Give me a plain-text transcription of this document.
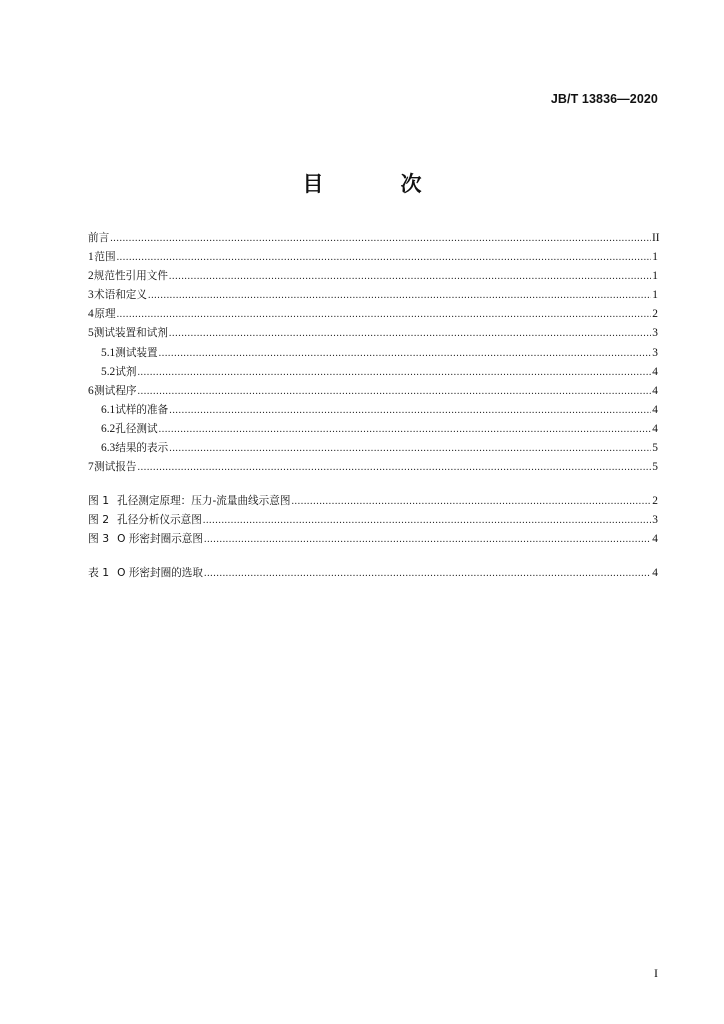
JB/T 13836—2020
目　次
前言 .....	II
1 范围 .....	1
2 规范性引用文件 .....	1
3 术语和定义 .....	1
4 原理 .....	2
5 测试装置和试剂 .....	3
5.1 测试装置 .....	3
5.2 试剂 .....	4
6 测试程序 .....	4
6.1 试样的准备 .....	4
6.2 孔径测试 .....	4
6.3 结果的表示 .....	5
7 测试报告 .....	5
图 1 孔径测定原理：压力-流量曲线示意图 .....	2
图 2 孔径分析仪示意图 .....	3
图 3 O 形密封圈示意图 .....	4
表 1 O 形密封圈的选取 .....	4
I
